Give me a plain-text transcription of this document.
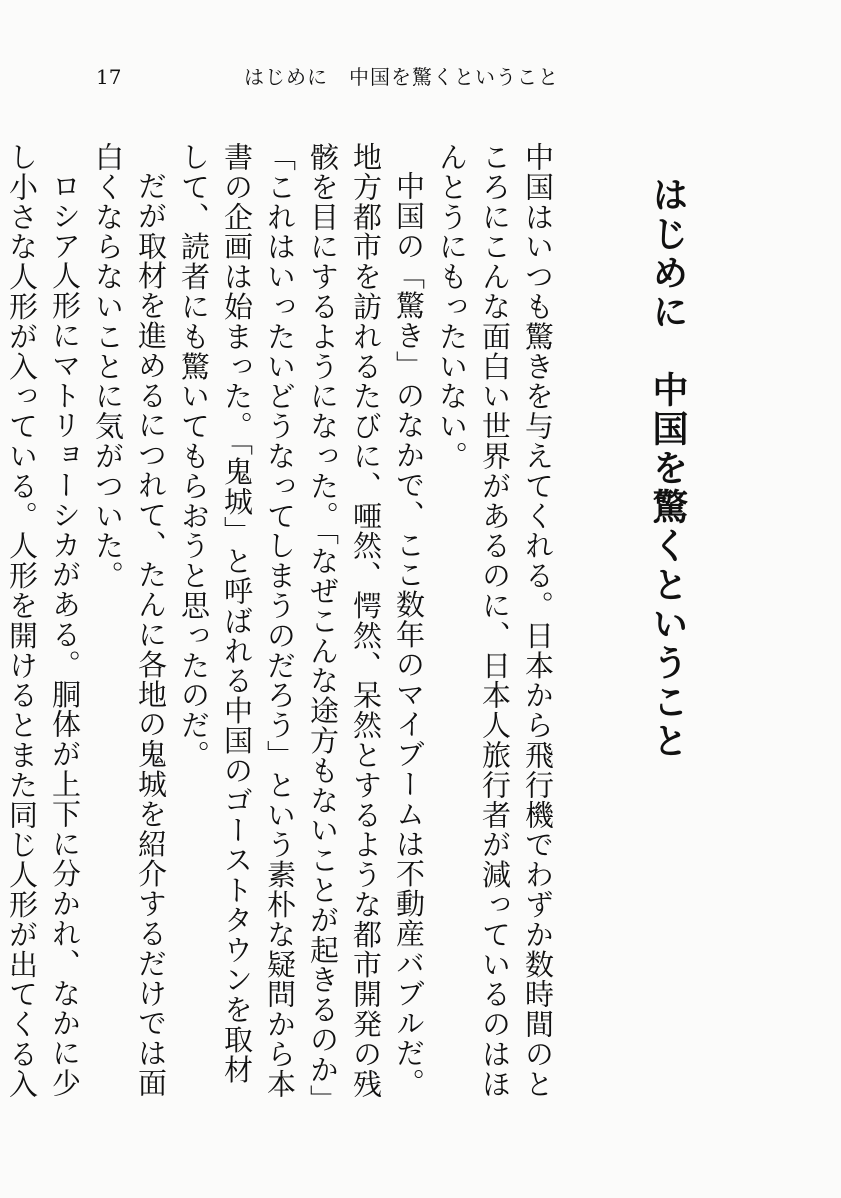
17	はじめに　中国を驚くということ
はじめに　中国を驚くということ

中国はいつも驚きを与えてくれる。日本から飛行機でわずか数時間のところにこんな面白い世界があるのに、日本人旅行者が減っているのはほんとうにもったいない。

中国の「驚き」のなかで、ここ数年のマイブームは不動産バブルだ。地方都市を訪れるたびに、唖然、愕然、呆然とするような都市開発の残骸を目にするようになった。「なぜこんな途方もないことが起きるのか」「これはいったいどうなってしまうのだろう」という素朴な疑問から本書の企画は始まった。「鬼城」と呼ばれる中国のゴーストタウンを取材して、読者にも驚いてもらおうと思ったのだ。

だが取材を進めるにつれて、たんに各地の鬼城を紹介するだけでは面白くならないことに気がついた。

ロシア人形にマトリョーシカがある。胴体が上下に分かれ、なかに少し小さな人形が入っている。人形を開けるとまた同じ人形が出てくる入
